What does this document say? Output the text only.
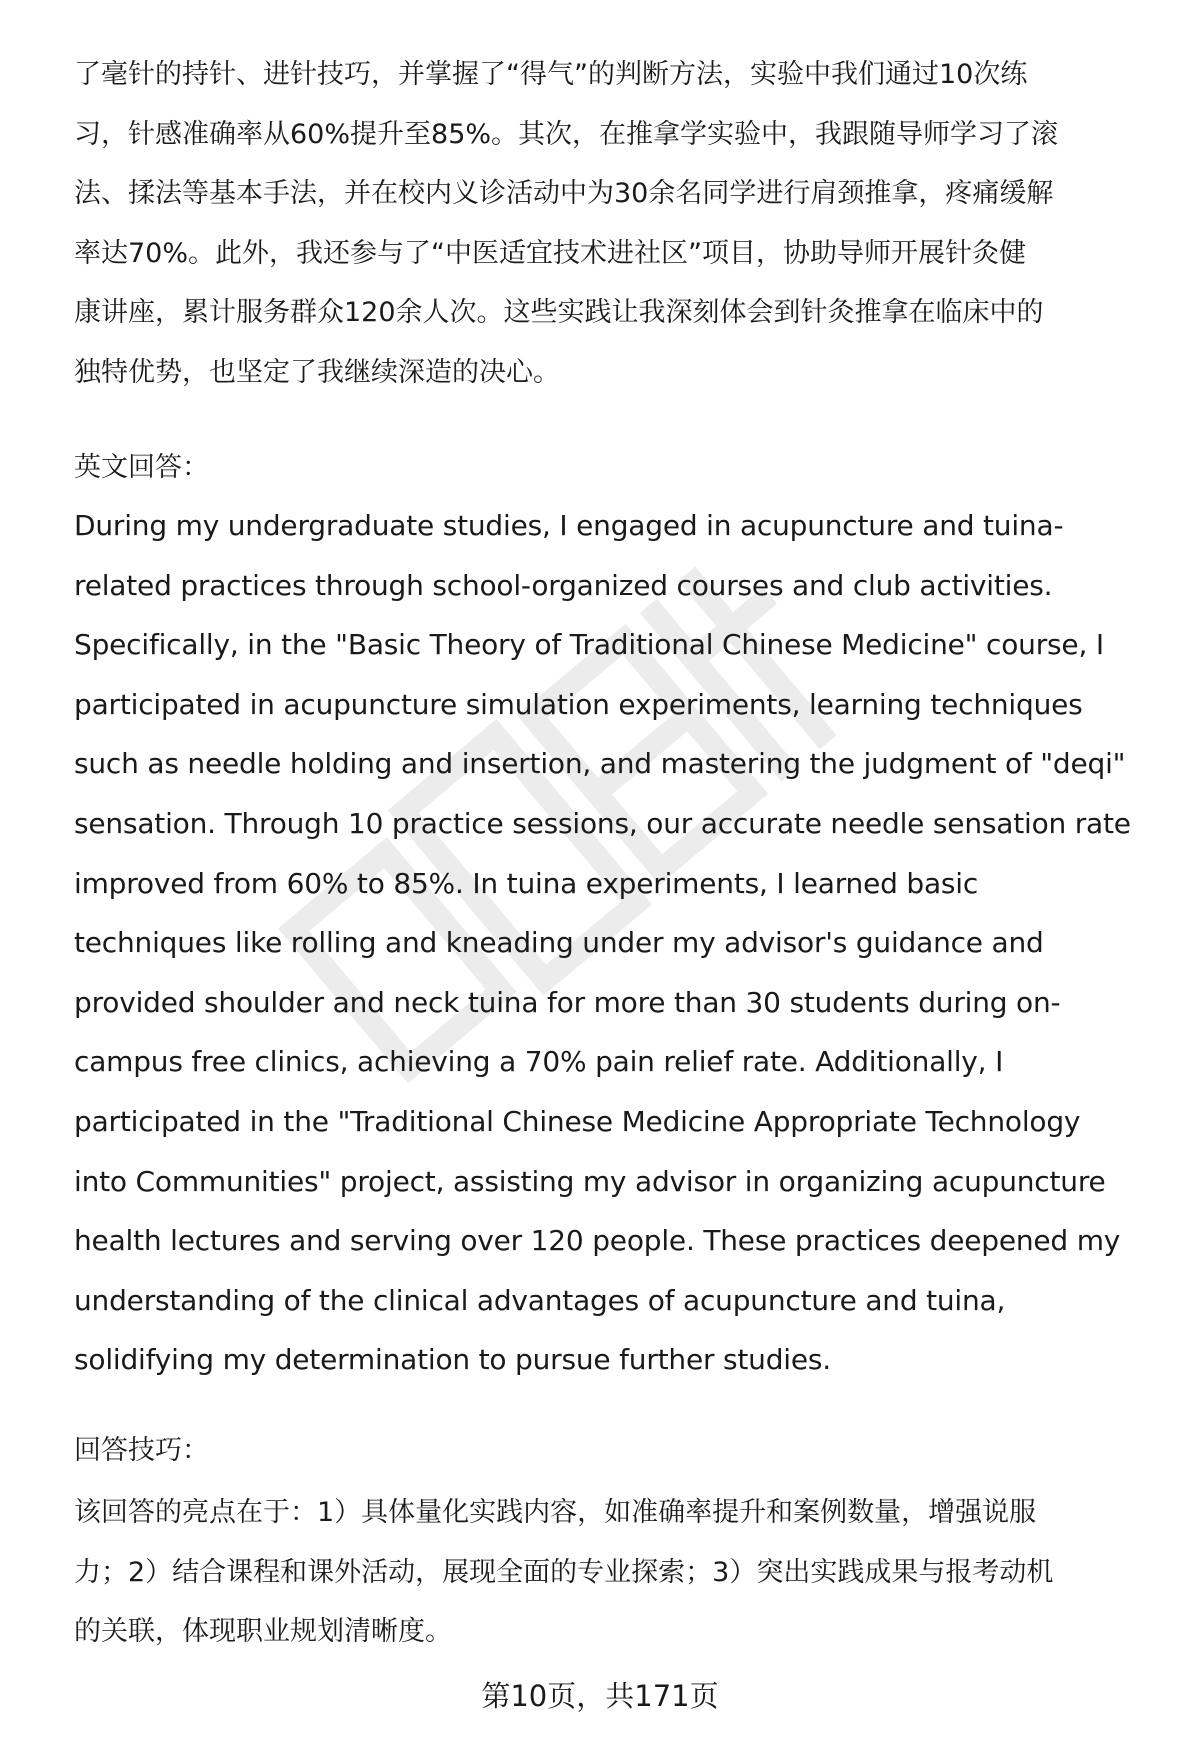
了毫针的持针、进针技巧，并掌握了“得气”的判断方法，实验中我们通过10次练
习，针感准确率从60%提升至85%。其次，在推拿学实验中，我跟随导师学习了滚
法、揉法等基本手法，并在校内义诊活动中为30余名同学进行肩颈推拿，疼痛缓解
率达70%。此外，我还参与了“中医适宜技术进社区”项目，协助导师开展针灸健
康讲座，累计服务群众120余人次。这些实践让我深刻体会到针灸推拿在临床中的
独特优势，也坚定了我继续深造的决心。
英文回答：
During my undergraduate studies, I engaged in acupuncture and tuina-
related practices through school-organized courses and club activities.
Specifically, in the "Basic Theory of Traditional Chinese Medicine" course, I
participated in acupuncture simulation experiments, learning techniques
such as needle holding and insertion, and mastering the judgment of "deqi"
sensation. Through 10 practice sessions, our accurate needle sensation rate
improved from 60% to 85%. In tuina experiments, I learned basic
techniques like rolling and kneading under my advisor's guidance and
provided shoulder and neck tuina for more than 30 students during on-
campus free clinics, achieving a 70% pain relief rate. Additionally, I
participated in the "Traditional Chinese Medicine Appropriate Technology
into Communities" project, assisting my advisor in organizing acupuncture
health lectures and serving over 120 people. These practices deepened my
understanding of the clinical advantages of acupuncture and tuina,
solidifying my determination to pursue further studies.
回答技巧：
该回答的亮点在于：1）具体量化实践内容，如准确率提升和案例数量，增强说服
力；2）结合课程和课外活动，展现全面的专业探索；3）突出实践成果与报考动机
的关联，体现职业规划清晰度。
第10页，共171页
